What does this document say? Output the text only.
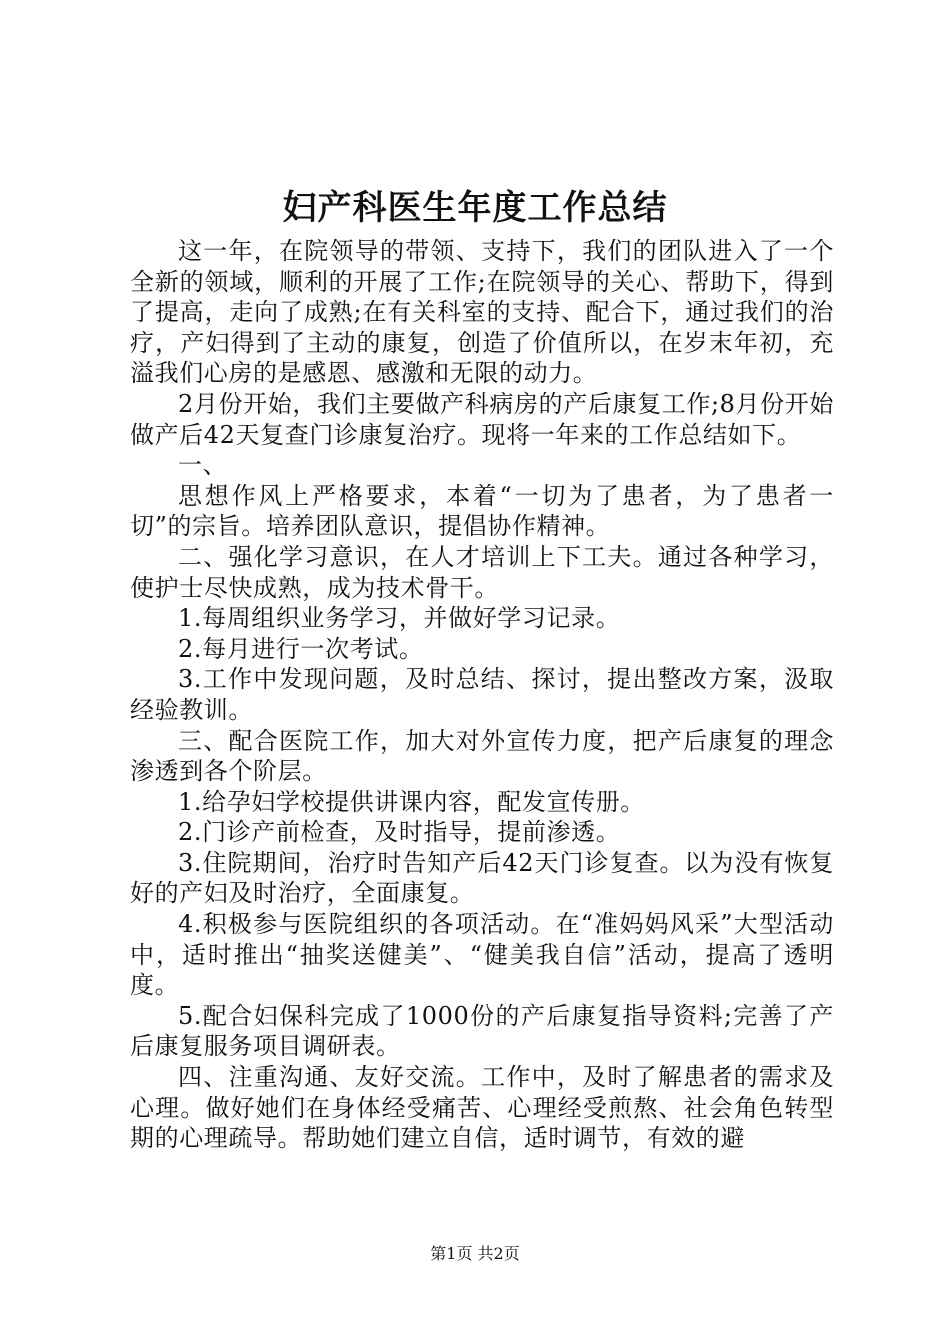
妇产科医生年度工作总结

这一年，在院领导的带领、支持下，我们的团队进入了一个全新的领域，顺利的开展了工作;在院领导的关心、帮助下，得到了提高，走向了成熟;在有关科室的支持、配合下，通过我们的治疗，产妇得到了主动的康复，创造了价值所以，在岁末年初，充溢我们心房的是感恩、感激和无限的动力。

2月份开始，我们主要做产科病房的产后康复工作;8月份开始做产后42天复查门诊康复治疗。现将一年来的工作总结如下。

一、

思想作风上严格要求，本着“一切为了患者，为了患者一切”的宗旨。培养团队意识，提倡协作精神。

二、强化学习意识，在人才培训上下工夫。通过各种学习，使护士尽快成熟，成为技术骨干。

1.每周组织业务学习，并做好学习记录。

2.每月进行一次考试。

3.工作中发现问题，及时总结、探讨，提出整改方案，汲取经验教训。

三、配合医院工作，加大对外宣传力度，把产后康复的理念渗透到各个阶层。

1.给孕妇学校提供讲课内容，配发宣传册。

2.门诊产前检查，及时指导，提前渗透。

3.住院期间，治疗时告知产后42天门诊复查。以为没有恢复好的产妇及时治疗，全面康复。

4.积极参与医院组织的各项活动。在“准妈妈风采”大型活动中，适时推出“抽奖送健美”、“健美我自信”活动，提高了透明度。

5.配合妇保科完成了1000份的产后康复指导资料;完善了产后康复服务项目调研表。

四、注重沟通、友好交流。工作中，及时了解患者的需求及心理。做好她们在身体经受痛苦、心理经受煎熬、社会角色转型期的心理疏导。帮助她们建立自信，适时调节，有效的避

第1页 共2页
